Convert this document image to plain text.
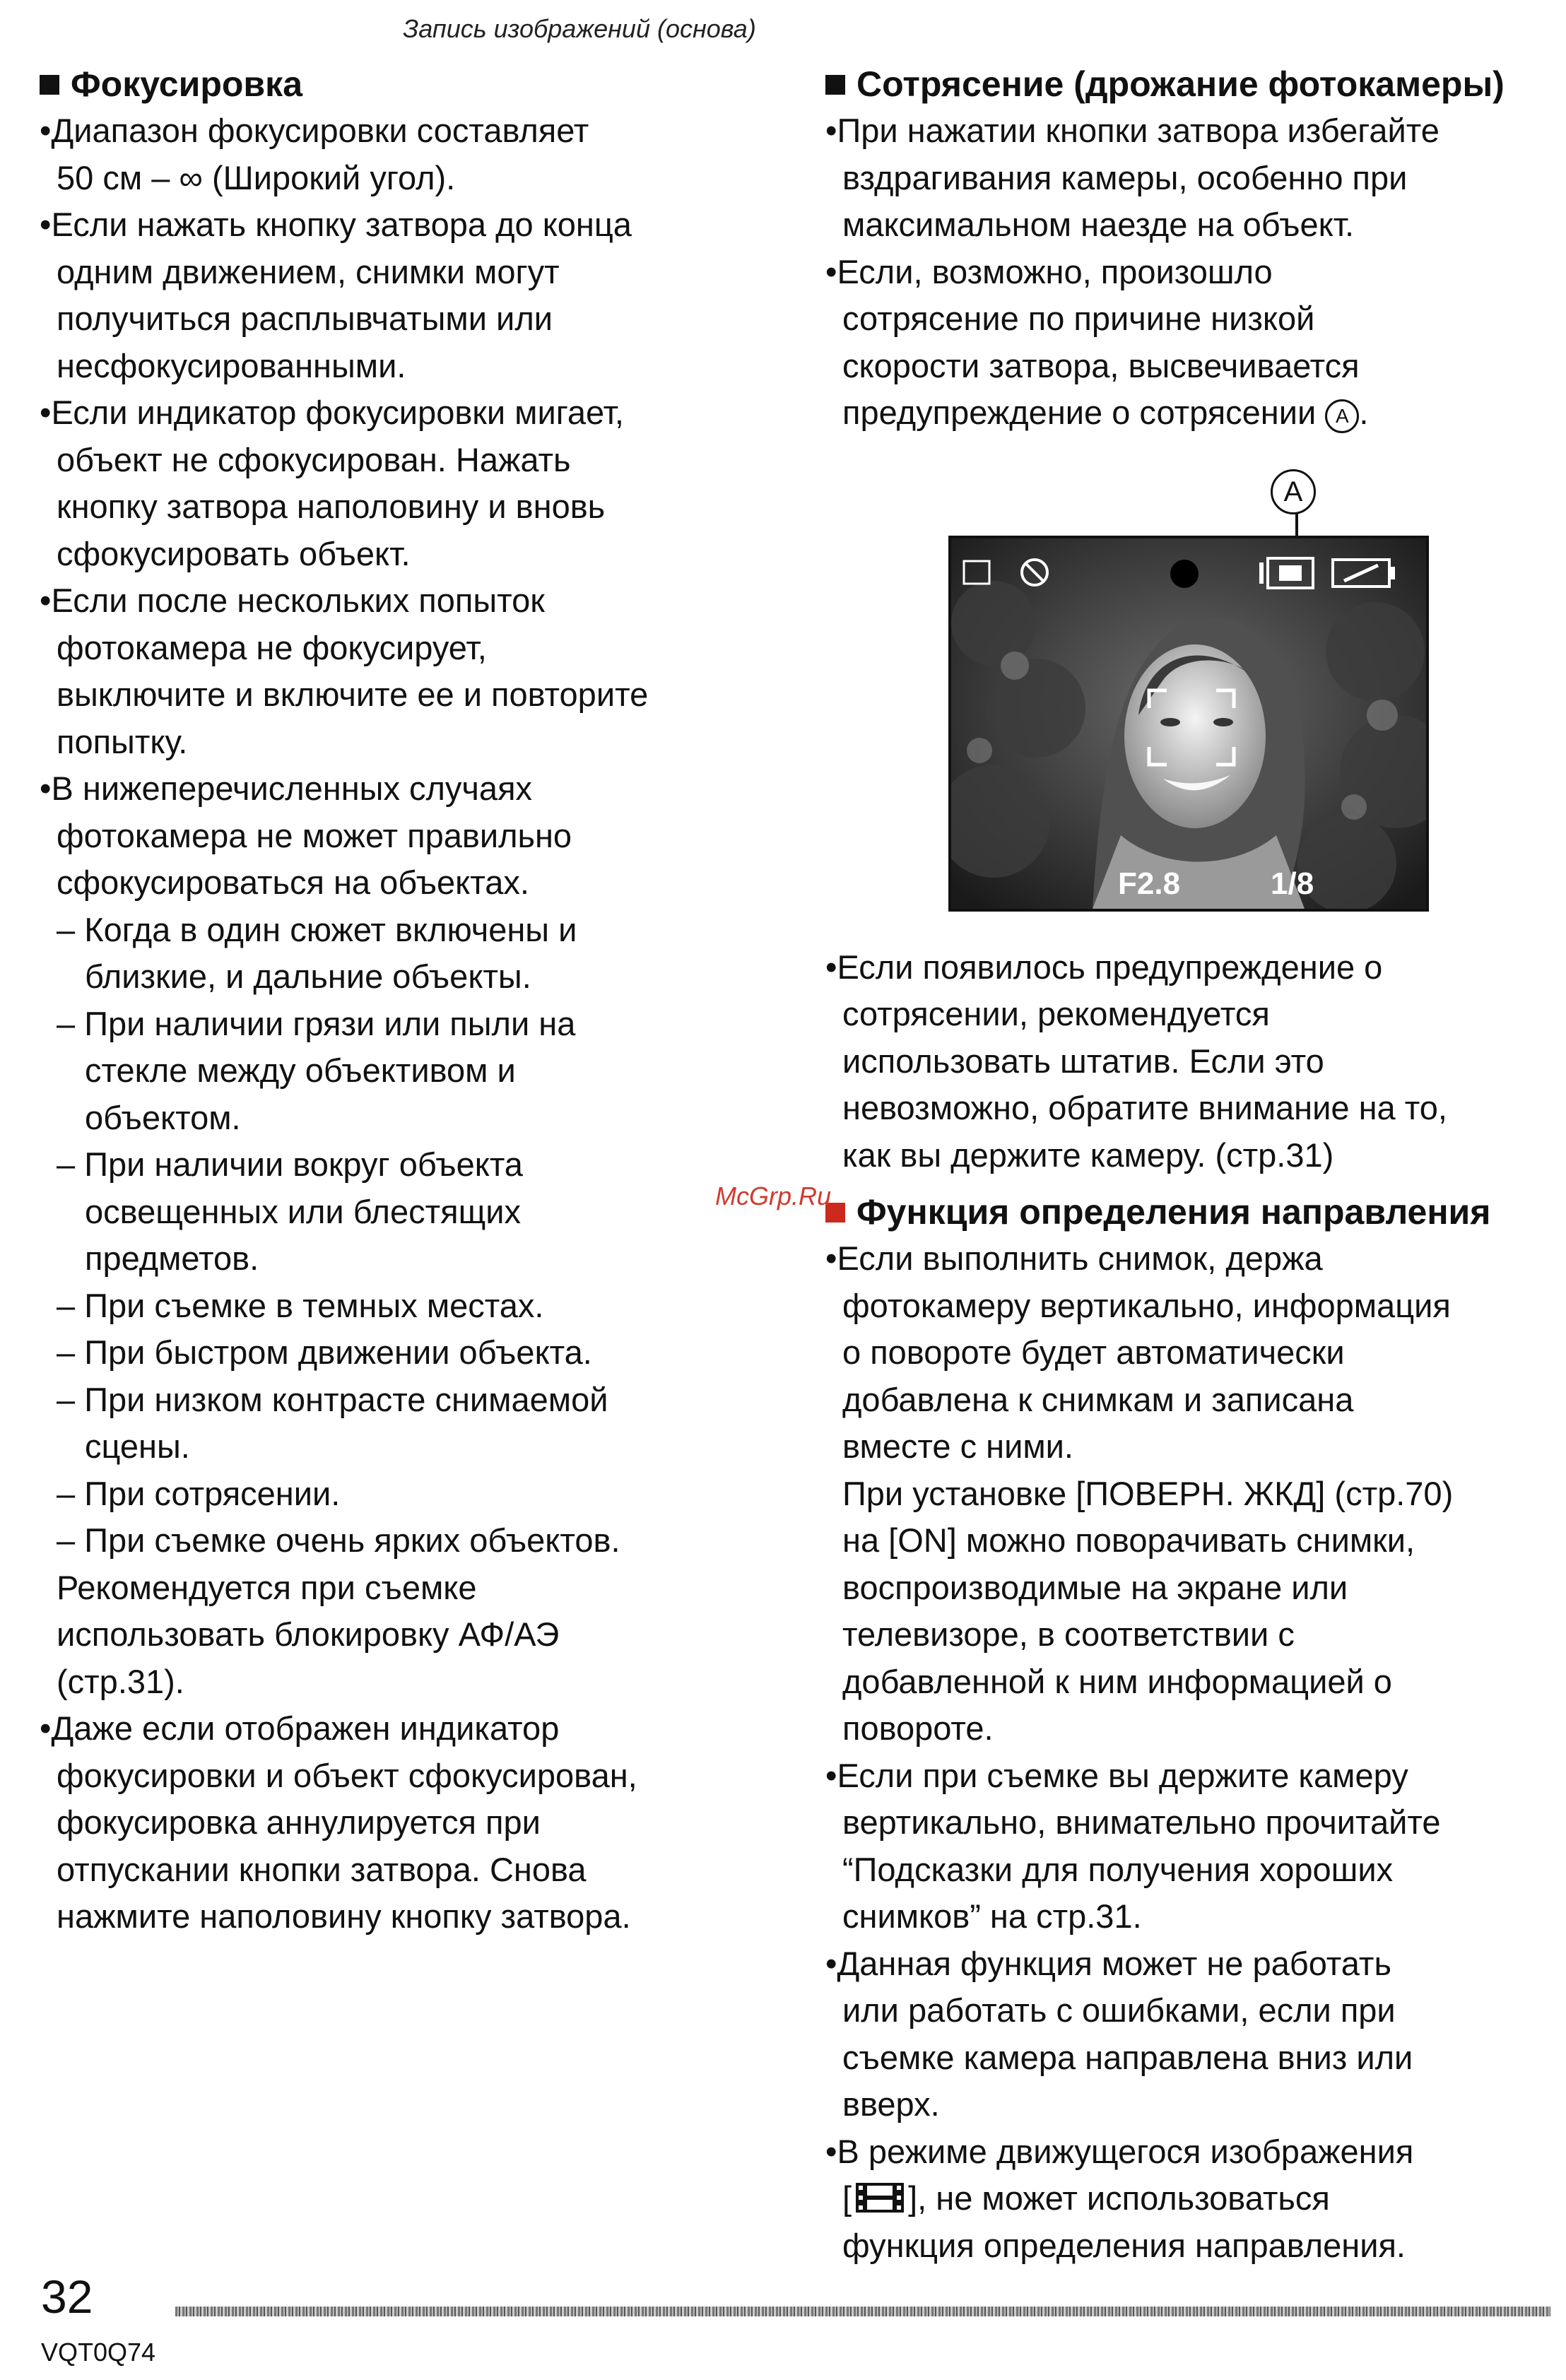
Запись изображений (основа)
Фокусировка
•Диапазон фокусировки составляет
50 см – ∞ (Широкий угол).
•Если нажать кнопку затвора до конца
одним движением, снимки могут
получиться расплывчатыми или
несфокусированными.
•Если индикатор фокусировки мигает,
объект не сфокусирован. Нажать
кнопку затвора наполовину и вновь
сфокусировать объект.
•Если после нескольких попыток
фотокамера не фокусирует,
выключите и включите ее и повторите
попытку.
•В нижеперечисленных случаях
фотокамера не может правильно
сфокусироваться на объектах.
– Когда в один сюжет включены и
близкие, и дальние объекты.
– При наличии грязи или пыли на
стекле между объективом и
объектом.
– При наличии вокруг объекта
освещенных или блестящих
предметов.
– При съемке в темных местах.
– При быстром движении объекта.
– При низком контрасте снимаемой
сцены.
– При сотрясении.
– При съемке очень ярких объектов.
Рекомендуется при съемке
использовать блокировку АФ/АЭ
(стр.31).
•Даже если отображен индикатор
фокусировки и объект сфокусирован,
фокусировка аннулируется при
отпускании кнопки затвора. Снова
нажмите наполовину кнопку затвора.
Сотрясение (дрожание фотокамеры)
•При нажатии кнопки затвора избегайте
вздрагивания камеры, особенно при
максимальном наезде на объект.
•Если, возможно, произошло
сотрясение по причине низкой
скорости затвора, высвечивается
предупреждение о сотрясении A .
A
F2.8	1/8
•Если появилось предупреждение о
сотрясении, рекомендуется
использовать штатив. Если это
невозможно, обратите внимание на то,
как вы держите камеру. (стр.31)
Функция определения направления
•Если выполнить снимок, держа
фотокамеру вертикально, информация
о повороте будет автоматически
добавлена к снимкам и записана
вместе с ними.
При установке [ПОВЕРН. ЖКД] (стр.70)
на [ON] можно поворачивать снимки,
воспроизводимые на экране или
телевизоре, в соответствии с
добавленной к ним информацией о
повороте.
•Если при съемке вы держите камеру
вертикально, внимательно прочитайте
“Подсказки для получения хороших
снимков” на стр.31.
•Данная функция может не работать
или работать с ошибками, если при
съемке камера направлена вниз или
вверх.
•В режиме движущегося изображения
[ ], не может использоваться
функция определения направления.
McGrp.Ru
32
VQT0Q74
